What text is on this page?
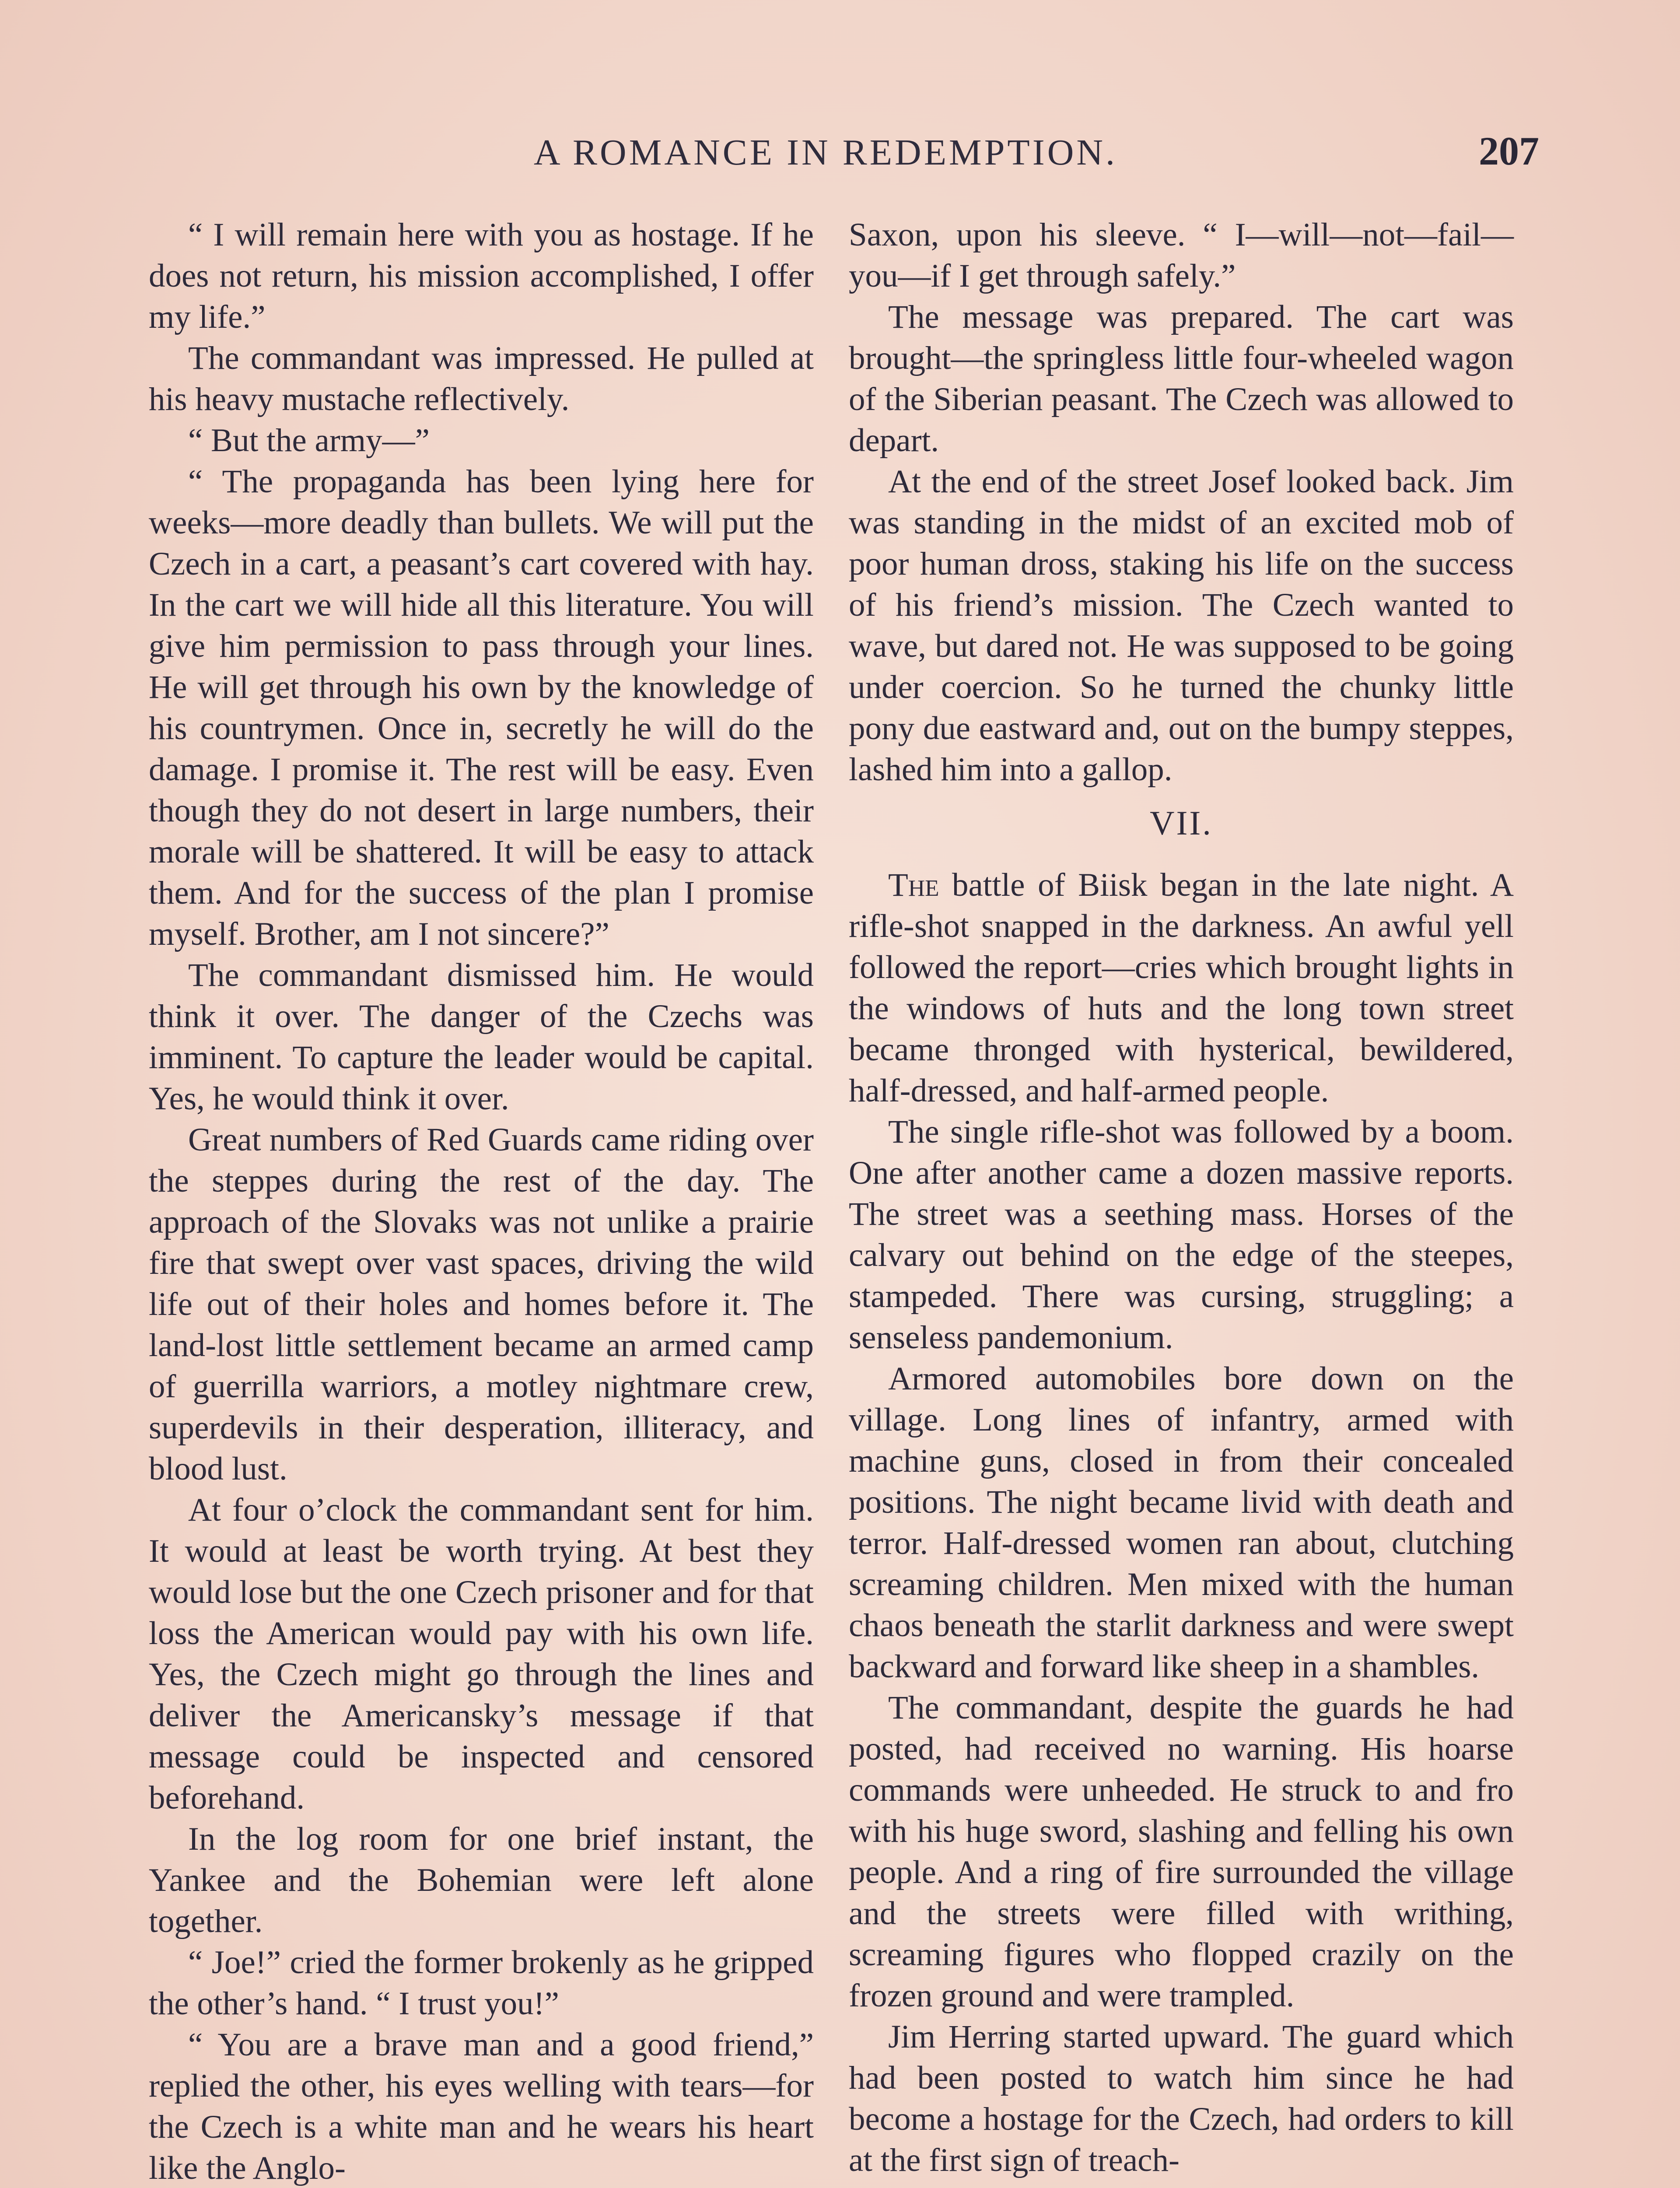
A ROMANCE IN REDEMPTION.	207

“ I will remain here with you as hostage. If he does not return, his mission accomplished, I offer my life.”

The commandant was impressed. He pulled at his heavy mustache reflectively.

“ But the army—”

“ The propaganda has been lying here for weeks—more deadly than bullets. We will put the Czech in a cart, a peasant’s cart covered with hay. In the cart we will hide all this literature. You will give him permission to pass through your lines. He will get through his own by the knowledge of his countrymen. Once in, secretly he will do the damage. I promise it. The rest will be easy. Even though they do not desert in large numbers, their morale will be shattered. It will be easy to attack them. And for the success of the plan I promise myself. Brother, am I not sincere?”

The commandant dismissed him. He would think it over. The danger of the Czechs was imminent. To capture the leader would be capital. Yes, he would think it over.

Great numbers of Red Guards came riding over the steppes during the rest of the day. The approach of the Slovaks was not unlike a prairie fire that swept over vast spaces, driving the wild life out of their holes and homes before it. The land-lost little settlement became an armed camp of guerrilla warriors, a motley nightmare crew, superdevils in their desperation, illiteracy, and blood lust.

At four o’clock the commandant sent for him. It would at least be worth trying. At best they would lose but the one Czech prisoner and for that loss the American would pay with his own life. Yes, the Czech might go through the lines and deliver the Americansky’s message if that message could be inspected and censored beforehand.

In the log room for one brief instant, the Yankee and the Bohemian were left alone together.

“ Joe!” cried the former brokenly as he gripped the other’s hand. “ I trust you!”

“ You are a brave man and a good friend,” replied the other, his eyes welling with tears—for the Czech is a white man and he wears his heart like the Anglo-

Saxon, upon his sleeve. “ I—will—not—fail—you—if I get through safely.”

The message was prepared. The cart was brought—the springless little four-wheeled wagon of the Siberian peasant. The Czech was allowed to depart.

At the end of the street Josef looked back. Jim was standing in the midst of an excited mob of poor human dross, staking his life on the success of his friend’s mission. The Czech wanted to wave, but dared not. He was supposed to be going under coercion. So he turned the chunky little pony due eastward and, out on the bumpy steppes, lashed him into a gallop.

VII.

The battle of Biisk began in the late night. A rifle-shot snapped in the darkness. An awful yell followed the report—cries which brought lights in the windows of huts and the long town street became thronged with hysterical, bewildered, half-dressed, and half-armed people.

The single rifle-shot was followed by a boom. One after another came a dozen massive reports. The street was a seething mass. Horses of the calvary out behind on the edge of the steepes, stampeded. There was cursing, struggling; a senseless pandemonium.

Armored automobiles bore down on the village. Long lines of infantry, armed with machine guns, closed in from their concealed positions. The night became livid with death and terror. Half-dressed women ran about, clutching screaming children. Men mixed with the human chaos beneath the starlit darkness and were swept backward and forward like sheep in a shambles.

The commandant, despite the guards he had posted, had received no warning. His hoarse commands were unheeded. He struck to and fro with his huge sword, slashing and felling his own people. And a ring of fire surrounded the village and the streets were filled with writhing, screaming figures who flopped crazily on the frozen ground and were trampled.

Jim Herring started upward. The guard which had been posted to watch him since he had become a hostage for the Czech, had orders to kill at the first sign of treach-
